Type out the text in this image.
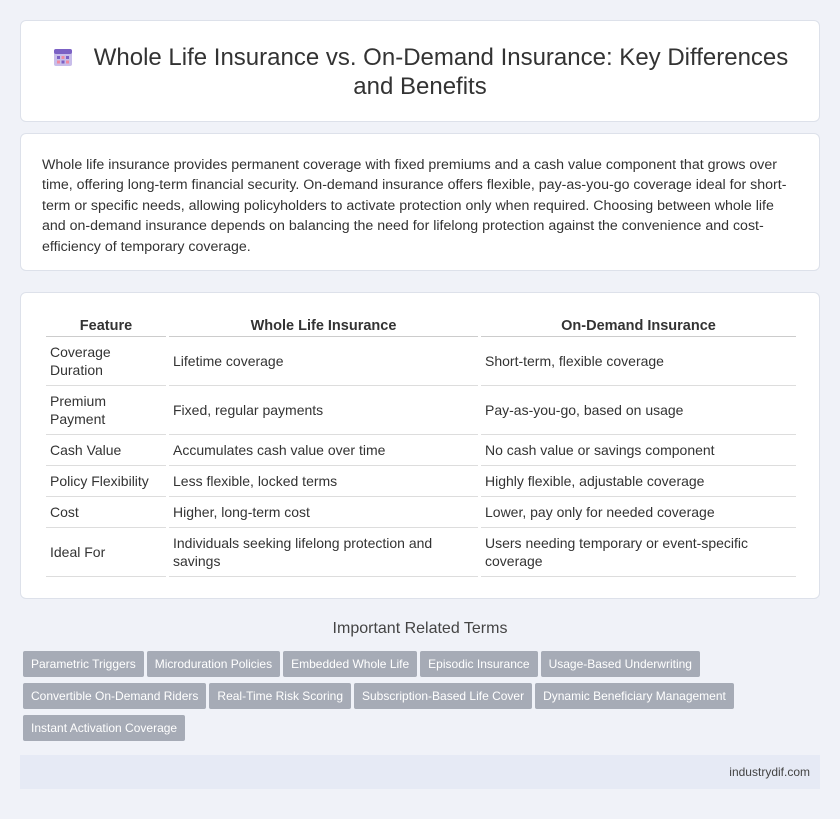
Whole Life Insurance vs. On-Demand Insurance: Key Differences and Benefits

Whole life insurance provides permanent coverage with fixed premiums and a cash value component that grows over time, offering long-term financial security. On-demand insurance offers flexible, pay-as-you-go coverage ideal for short-term or specific needs, allowing policyholders to activate protection only when required. Choosing between whole life and on-demand insurance depends on balancing the need for lifelong protection against the convenience and cost-efficiency of temporary coverage.

Feature	Whole Life Insurance	On-Demand Insurance
Coverage Duration	Lifetime coverage	Short-term, flexible coverage
Premium Payment	Fixed, regular payments	Pay-as-you-go, based on usage
Cash Value	Accumulates cash value over time	No cash value or savings component
Policy Flexibility	Less flexible, locked terms	Highly flexible, adjustable coverage
Cost	Higher, long-term cost	Lower, pay only for needed coverage
Ideal For	Individuals seeking lifelong protection and savings	Users needing temporary or event-specific coverage
Important Related Terms
Parametric Triggers Microduration Policies Embedded Whole Life Episodic Insurance Usage-Based UnderwritingConvertible On-Demand Riders Real-Time Risk Scoring Subscription-Based Life Cover Dynamic Beneficiary ManagementInstant Activation Coverage
industrydif.com
